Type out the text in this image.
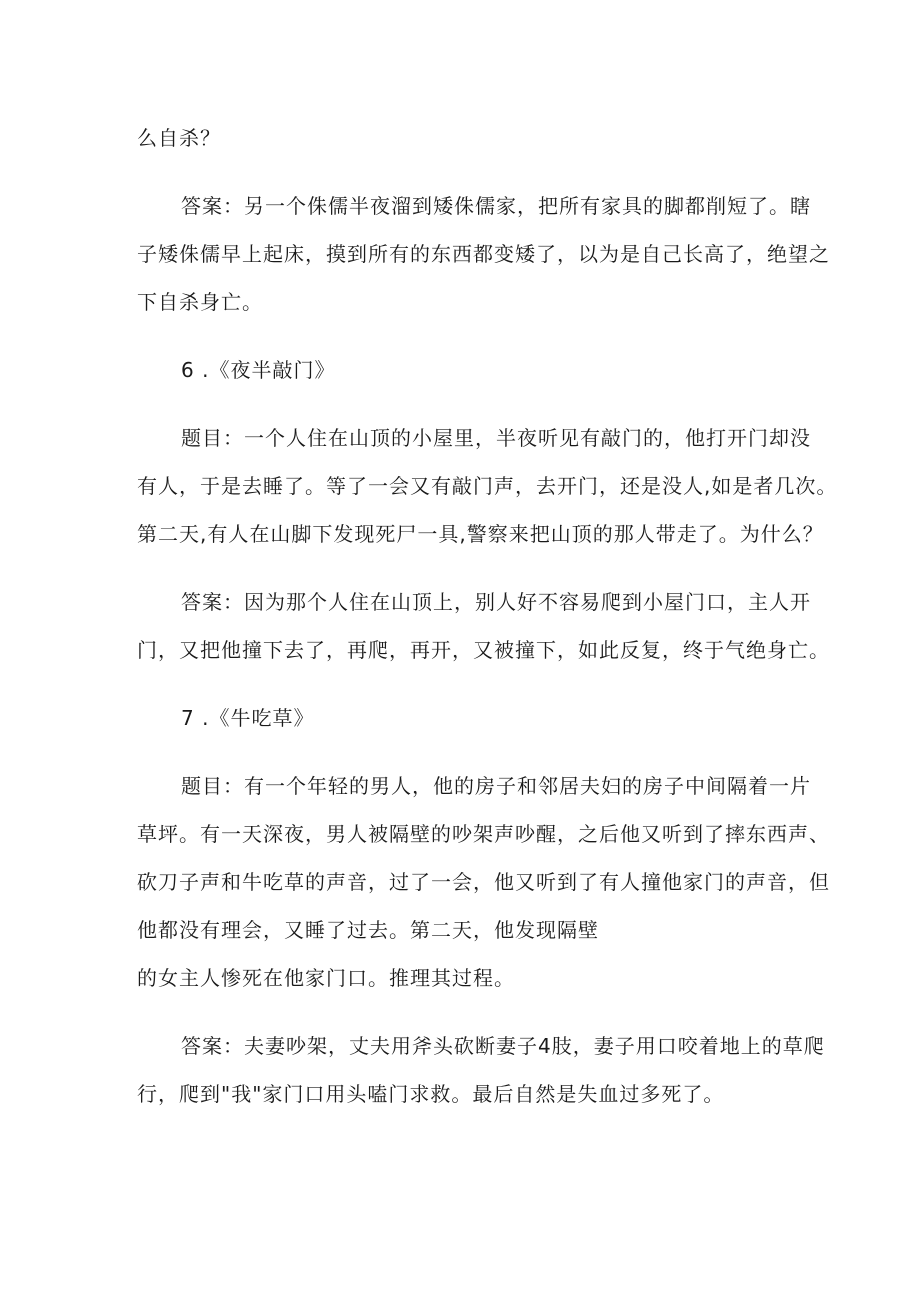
么自杀？
答案：另一个侏儒半夜溜到矮侏儒家，把所有家具的脚都削短了。瞎
子矮侏儒早上起床，摸到所有的东西都变矮了，以为是自己长高了，绝望之
下自杀身亡。
6 .《夜半敲门》
题目：一个人住在山顶的小屋里，半夜听见有敲门的，他打开门却没
有人，于是去睡了。等了一会又有敲门声，去开门，还是没人,如是者几次。
第二天,有人在山脚下发现死尸一具,警察来把山顶的那人带走了。为什么？
答案：因为那个人住在山顶上，别人好不容易爬到小屋门口，主人开
门，又把他撞下去了，再爬，再开，又被撞下，如此反复，终于气绝身亡。
7 .《牛吃草》
题目：有一个年轻的男人，他的房子和邻居夫妇的房子中间隔着一片
草坪。有一天深夜，男人被隔壁的吵架声吵醒，之后他又听到了摔东西声、
砍刀子声和牛吃草的声音，过了一会，他又听到了有人撞他家门的声音，但
他都没有理会，又睡了过去。第二天，他发现隔壁
的女主人惨死在他家门口。推理其过程。
答案：夫妻吵架，丈夫用斧头砍断妻子4肢，妻子用口咬着地上的草爬
行，爬到"我"家门口用头嗑门求救。最后自然是失血过多死了。
